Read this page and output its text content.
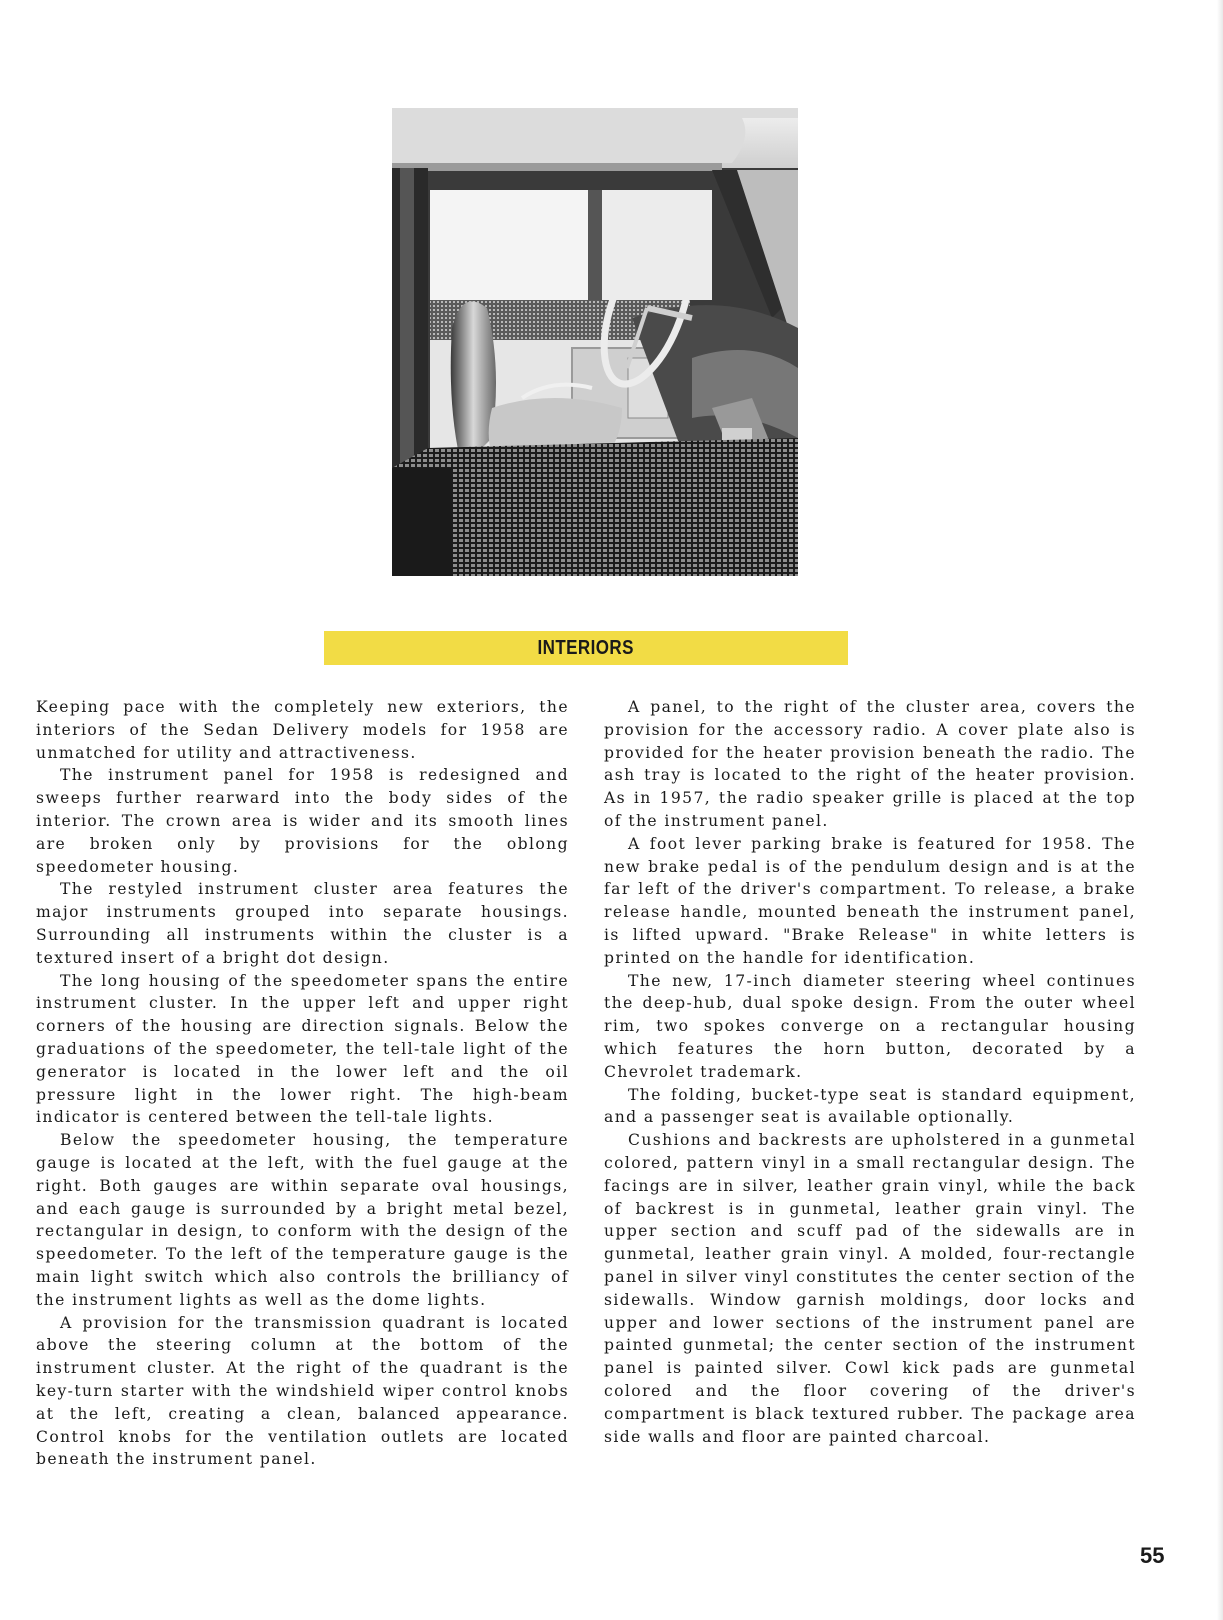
INTERIORS

Keeping pace with the completely new exteriors, the interiors of the Sedan Delivery models for 1958 are unmatched for utility and attractiveness.

The instrument panel for 1958 is redesigned and sweeps further rearward into the body sides of the interior. The crown area is wider and its smooth lines are broken only by provisions for the oblong speedometer housing.

The restyled instrument cluster area features the major instruments grouped into separate housings. Surrounding all instruments within the cluster is a textured insert of a bright dot design.

The long housing of the speedometer spans the entire instrument cluster. In the upper left and upper right corners of the housing are direction signals. Below the graduations of the speedometer, the tell-tale light of the generator is located in the lower left and the oil pressure light in the lower right. The high-beam indicator is centered between the tell-tale lights.

Below the speedometer housing, the temperature gauge is located at the left, with the fuel gauge at the right. Both gauges are within separate oval housings, and each gauge is surrounded by a bright metal bezel, rectangular in design, to conform with the design of the speedometer. To the left of the temperature gauge is the main light switch which also controls the brilliancy of the instrument lights as well as the dome lights.

A provision for the transmission quadrant is located above the steering column at the bottom of the instrument cluster. At the right of the quadrant is the key-turn starter with the windshield wiper control knobs at the left, creating a clean, balanced appearance. Control knobs for the ventilation outlets are located beneath the instrument panel.

A panel, to the right of the cluster area, covers the provision for the accessory radio. A cover plate also is provided for the heater provision beneath the radio. The ash tray is located to the right of the heater provision. As in 1957, the radio speaker grille is placed at the top of the instrument panel.

A foot lever parking brake is featured for 1958. The new brake pedal is of the pendulum design and is at the far left of the driver's compartment. To release, a brake release handle, mounted beneath the instrument panel, is lifted upward. "Brake Release" in white letters is printed on the handle for identification.

The new, 17-inch diameter steering wheel continues the deep-hub, dual spoke design. From the outer wheel rim, two spokes converge on a rectangular housing which features the horn button, decorated by a Chevrolet trademark.

The folding, bucket-type seat is standard equipment, and a passenger seat is available optionally.

Cushions and backrests are upholstered in a gunmetal colored, pattern vinyl in a small rectangular design. The facings are in silver, leather grain vinyl, while the back of backrest is in gunmetal, leather grain vinyl. The upper section and scuff pad of the sidewalls are in gunmetal, leather grain vinyl. A molded, four-rectangle panel in silver vinyl constitutes the center section of the sidewalls. Window garnish moldings, door locks and upper and lower sections of the instrument panel are painted gunmetal; the center section of the instrument panel is painted silver. Cowl kick pads are gunmetal colored and the floor covering of the driver's compartment is black textured rubber. The package area side walls and floor are painted charcoal.

55
